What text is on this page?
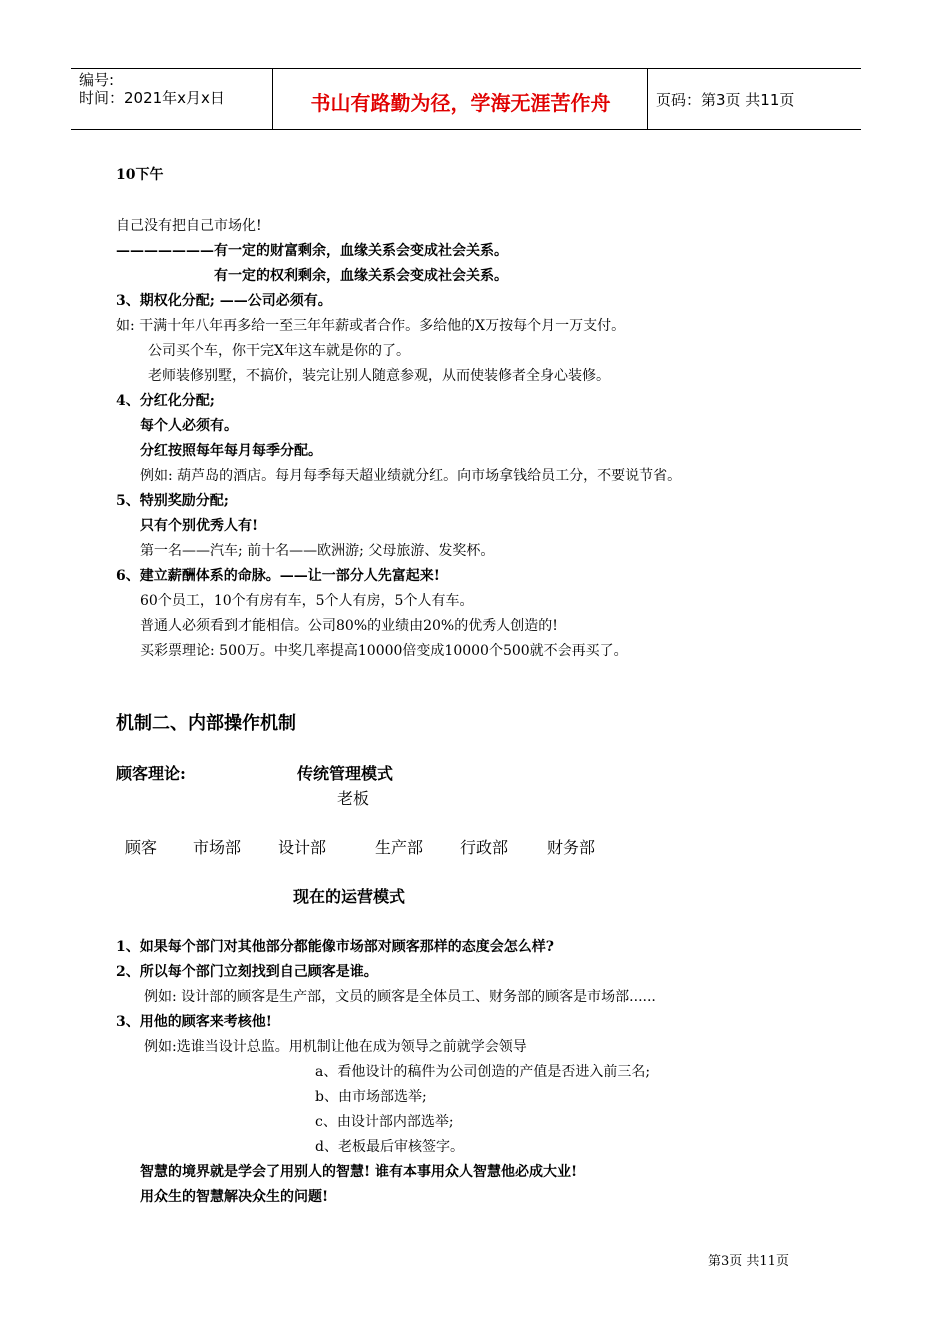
编号:
时间：2021年x月x日	书山有路勤为径，学海无涯苦作舟	页码：第3页 共11页
10下午
自己没有把自己市场化!
———————有一定的财富剩余，血缘关系会变成社会关系。
有一定的权利剩余，血缘关系会变成社会关系。
3、期权化分配; ——公司必须有。
如: 干满十年八年再多给一至三年年薪或者合作。多给他的X万按每个月一万支付。
公司买个车，你干完X年这车就是你的了。
老师装修别墅，不搞价，装完让别人随意参观，从而使装修者全身心装修。
4、分红化分配;
每个人必须有。
分红按照每年每月每季分配。
例如: 葫芦岛的酒店。每月每季每天超业绩就分红。向市场拿钱给员工分，不要说节省。
5、特别奖励分配;
只有个别优秀人有!
第一名——汽车; 前十名——欧洲游; 父母旅游、发奖杯。
6、建立薪酬体系的命脉。——让一部分人先富起来!
60个员工，10个有房有车，5个人有房，5个人有车。
普通人必须看到才能相信。公司80%的业绩由20%的优秀人创造的!
买彩票理论: 500万。中奖几率提高10000倍变成10000个500就不会再买了。
机制二、内部操作机制
顾客理论:	传统管理模式
老板
顾客 市场部 设计部	生产部 行政部 财务部
现在的运营模式
1、如果每个部门对其他部分都能像市场部对顾客那样的态度会怎么样?
2、所以每个部门立刻找到自己顾客是谁。
例如: 设计部的顾客是生产部，文员的顾客是全体员工、财务部的顾客是市场部......
3、用他的顾客来考核他!
例如:选谁当设计总监。用机制让他在成为领导之前就学会领导
a、看他设计的稿件为公司创造的产值是否进入前三名;
b、由市场部选举;
c、由设计部内部选举;
d、老板最后审核签字。
智慧的境界就是学会了用别人的智慧! 谁有本事用众人智慧他必成大业!
用众生的智慧解决众生的问题!
第3页 共11页
